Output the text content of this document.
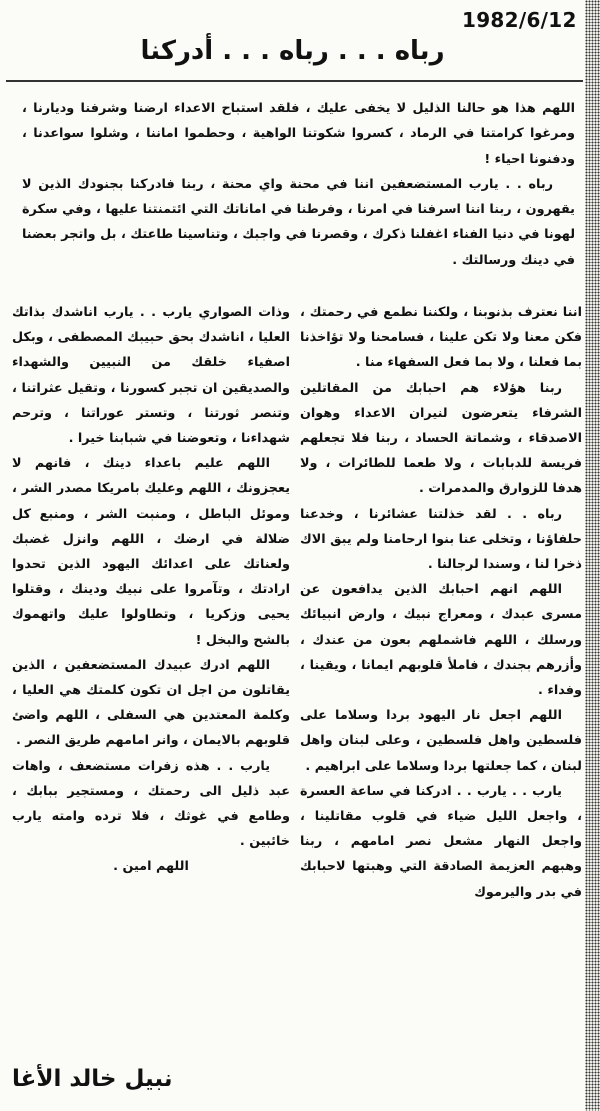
1982/6/12
رباه . . . رباه . . . أدركنا

اللهم هذا هو حالنا الذليل لا يخفى عليك ، فلقد استباح الاعداء ارضنا وشرفنا وديارنا ، ومرغوا كرامتنا في الرماد ، كسروا شكوتنا الواهية ، وحطموا اماننا ، وشلوا سواعدنا ، ودفنونا احياء !

رباه . . يارب المستضعفين اننا في محنة واي محنة ، ربنا فادركنا بجنودك الذين لا يقهرون ، ربنا اننا اسرفنا في امرنا ، وفرطنا في اماناتك التي ائتمنتنا عليها ، وفي سكرة لهونا في دنيا الفناء اغفلنا ذكرك ، وقصرنا في واجبك ، وتناسينا طاعتك ، بل واتجر بعضنا في دينك ورسالتك .

اننا نعترف بذنوبنا ، ولكننا نطمع في رحمتك ، فكن معنا ولا تكن علينا ، فسامحنا ولا تؤاخذنا بما فعلنا ، ولا بما فعل السفهاء منا .

ربنا هؤلاء هم احبابك من المقاتلين الشرفاء يتعرضون لنيران الاعداء وهوان الاصدقاء ، وشماتة الحساد ، ربنا فلا تجعلهم فريسة للدبابات ، ولا طعما للطائرات ، ولا هدفا للزوارق والمدمرات .

رباه . . لقد خذلتنا عشائرنا ، وخدعنا حلفاؤنا ، وتخلى عنا بنوا ارحامنا ولم يبق الاك ذخرا لنا ، وسندا لرجالنا .

اللهم انهم احبابك الذين يدافعون عن مسرى عبدك ، ومعراج نبيك ، وارض انبيائك ورسلك ، اللهم فاشملهم بعون من عندك ، وأزرهم بجندك ، فاملأ قلوبهم ايمانا ، ويقينا ، وفداء .

اللهم اجعل نار اليهود بردا وسلاما على فلسطين واهل فلسطين ، وعلى لبنان واهل لبنان ، كما جعلتها بردا وسلاما على ابراهيم .

يارب . . يارب . . ادركنا في ساعة العسرة ، واجعل الليل ضياء في قلوب مقاتلينا ، واجعل النهار مشعل نصر امامهم ، ربنا وهبهم العزيمة الصادقة التي وهبتها لاحبابك في بدر واليرموك

وذات الصواري يارب . . يارب اناشدك بذاتك العليا ، اناشدك بحق حبيبك المصطفى ، وبكل اصفياء خلقك من النبيين والشهداء والصديقين ان تجبر كسورنا ، وتقيل عثراتنا ، وتنصر ثورتنا ، وتستر عوراتنا ، وترحم شهداءنا ، وتعوضنا في شبابنا خيرا .

اللهم عليم باعداء دينك ، فانهم لا يعجزونك ، اللهم وعليك بامريكا مصدر الشر ، وموئل الباطل ، ومنبت الشر ، ومنبع كل ضلالة في ارضك ، اللهم وانزل غضبك ولعناتك على اعدائك اليهود الذين تحدوا ارادتك ، وتآمروا على نبيك ودينك ، وقتلوا يحيى وزكريا ، وتطاولوا عليك واتهموك بالشح والبخل !

اللهم ادرك عبيدك المستضعفين ، الذين يقاتلون من اجل ان تكون كلمتك هي العليا ، وكلمة المعتدين هي السفلى ، اللهم واضئ قلوبهم بالايمان ، وانر امامهم طريق النصر .

يارب . . هذه زفرات مستضعف ، واهات عبد ذليل الى رحمتك ، ومستجير ببابك ، وطامع في غوثك ، فلا ترده وامته يارب خائبين .

اللهم امين .

نبيل خالد الأغا
